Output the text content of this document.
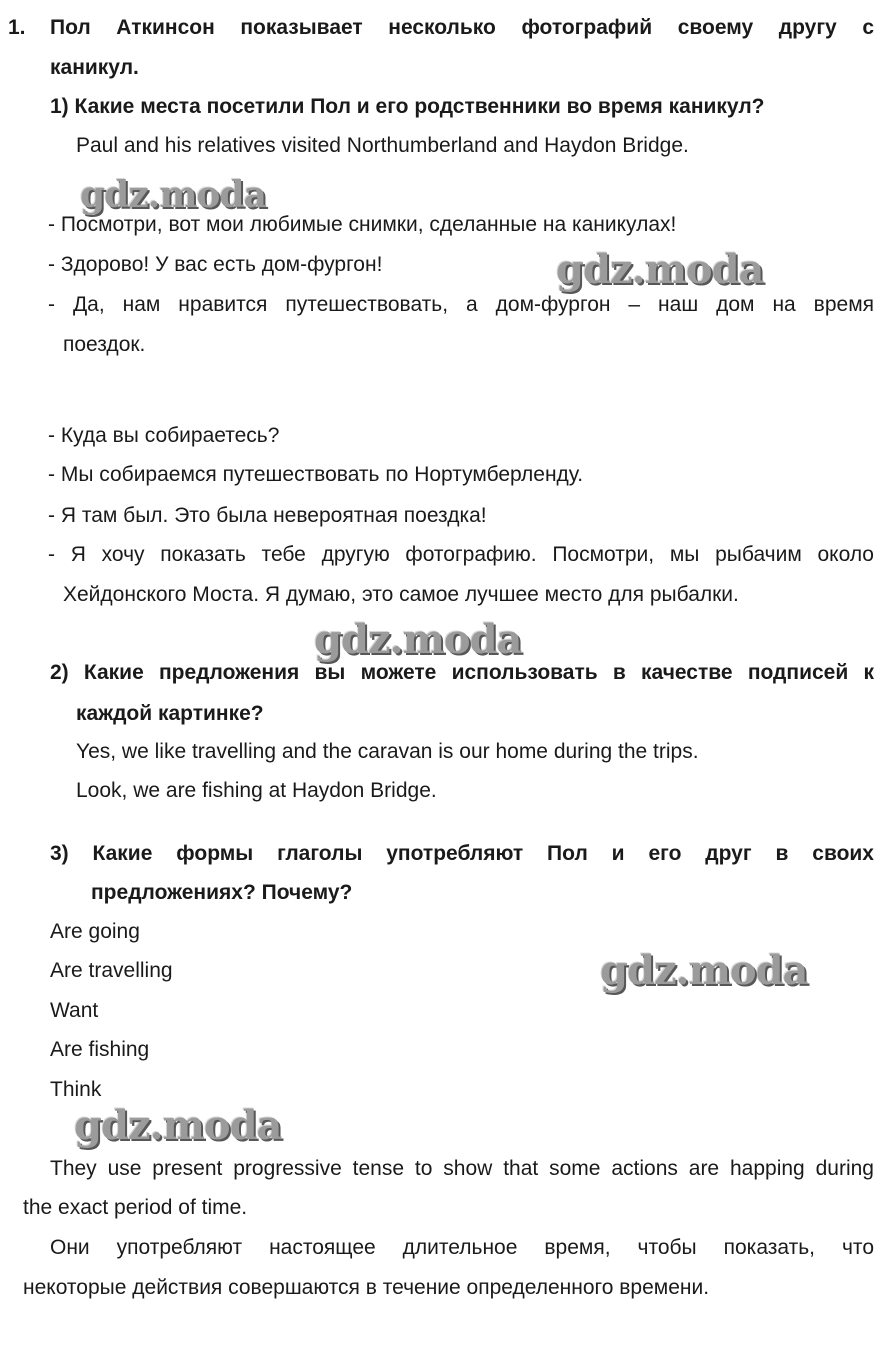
1. Пол Аткинсон показывает несколько фотографий своему другу с
каникул.
1) Какие места посетили Пол и его родственники во время каникул?
Paul and his relatives visited Northumberland and Haydon Bridge.
- Посмотри, вот мои любимые снимки, сделанные на каникулах!
- Здорово! У вас есть дом-фургон!
- Да, нам нравится путешествовать, а дом-фургон – наш дом на время
поездок.
- Куда вы собираетесь?
- Мы собираемся путешествовать по Нортумберленду.
- Я там был. Это была невероятная поездка!
- Я хочу показать тебе другую фотографию. Посмотри, мы рыбачим около
Хейдонского Моста. Я думаю, это самое лучшее место для рыбалки.
2) Какие предложения вы можете использовать в качестве подписей к
каждой картинке?
Yes, we like travelling and the caravan is our home during the trips.
Look, we are fishing at Haydon Bridge.
3) Какие формы глаголы употребляют Пол и его друг в своих
предложениях? Почему?
Are going
Are travelling
Want
Are fishing
Think
They use present progressive tense to show that some actions are happing during
the exact period of time.
Они употребляют настоящее длительное время, чтобы показать, что
некоторые действия совершаются в течение определенного времени.
gdz.moda
gdz.moda
gdz.moda
gdz.moda
gdz.moda
